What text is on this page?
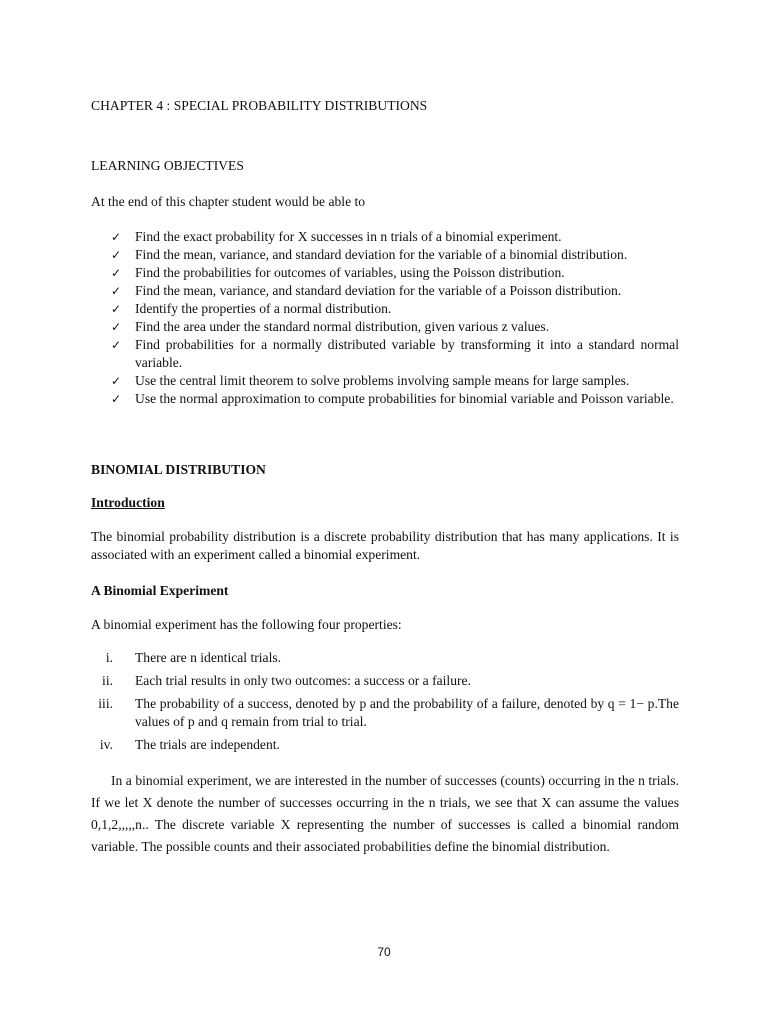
CHAPTER 4 : SPECIAL PROBABILITY DISTRIBUTIONS
LEARNING OBJECTIVES
At the end of this chapter student would be able to
✓ Find the exact probability for X successes in n trials of a binomial experiment.
✓ Find the mean, variance, and standard deviation for the variable of a binomial distribution.
✓ Find the probabilities for outcomes of variables, using the Poisson distribution.
✓ Find the mean, variance, and standard deviation for the variable of a Poisson distribution.
✓ Identify the properties of a normal distribution.
✓ Find the area under the standard normal distribution, given various z values.
✓ Find probabilities for a normally distributed variable by transforming it into a standard normal variable.
✓ Use the central limit theorem to solve problems involving sample means for large samples.
✓ Use the normal approximation to compute probabilities for binomial variable and Poisson variable.
BINOMIAL DISTRIBUTION
Introduction
The binomial probability distribution is a discrete probability distribution that has many applications. It is associated with an experiment called a binomial experiment.
A Binomial Experiment
A binomial experiment has the following four properties:
i. There are n identical trials.
ii. Each trial results in only two outcomes: a success or a failure.
iii. The probability of a success, denoted by p and the probability of a failure, denoted by q = 1− p.The values of p and q remain from trial to trial.
iv. The trials are independent.
In a binomial experiment, we are interested in the number of successes (counts) occurring in the n trials. If we let X denote the number of successes occurring in the n trials, we see that X can assume the values 0,1,2,,,,,n.. The discrete variable X representing the number of successes is called a binomial random variable. The possible counts and their associated probabilities define the binomial distribution.
70
